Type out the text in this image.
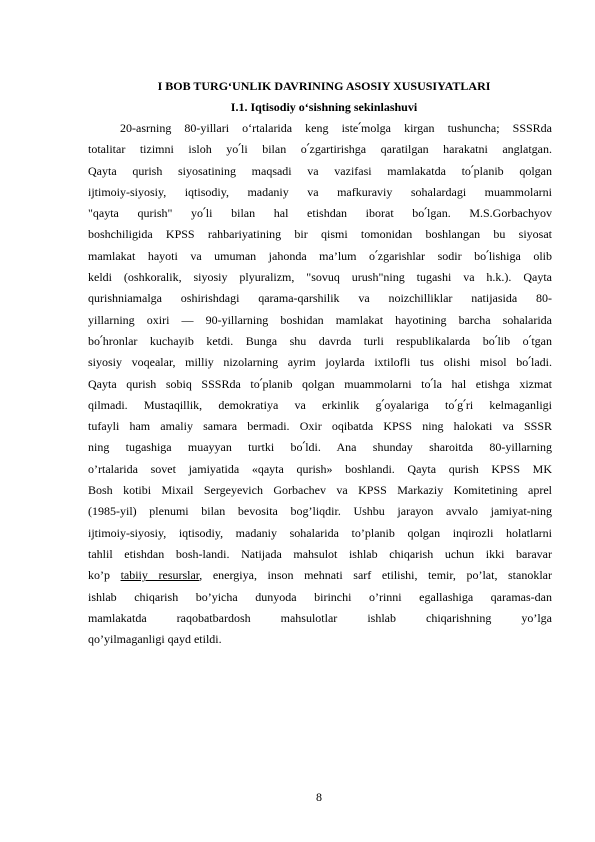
I BOB TURG‘UNLIK DAVRINING ASOSIY XUSUSIYATLARI
I.1. Iqtisodiy o‘sishning sekinlashuvi

20-asrning 80-yillari o‘rtalarida keng iste՛molga kirgan tushuncha; SSSRda
totalitar tizimni isloh yo՛li bilan o՛zgartirishga qaratilgan harakatni anglatgan.
Qayta qurish siyosatining maqsadi va vazifasi mamlakatda to՛planib qolgan
ijtimoiy-siyosiy, iqtisodiy, madaniy va mafkuraviy sohalardagi muammolarni
"qayta qurish" yo՛li bilan hal etishdan iborat bo՛lgan. M.S.Gorbachyov
boshchiligida KPSS rahbariyatining bir qismi tomonidan boshlangan bu siyosat
mamlakat hayoti va umuman jahonda ma’lum o՛zgarishlar sodir bo՛lishiga olib
keldi (oshkoralik, siyosiy plyuralizm, "sovuq urush"ning tugashi va h.k.). Qayta
qurishniamalga oshirishdagi qarama-qarshilik va noizchilliklar natijasida 80-
yillarning oxiri — 90-yillarning boshidan mamlakat hayotining barcha sohalarida
bo՛hronlar kuchayib ketdi. Bunga shu davrda turli respublikalarda bo՛lib o՛tgan
siyosiy voqealar, milliy nizolarning ayrim joylarda ixtilofli tus olishi misol bo՛ladi.
Qayta qurish sobiq SSSRda to՛planib qolgan muammolarni to՛la hal etishga xizmat
qilmadi. Mustaqillik, demokratiya va erkinlik g՛oyalariga to՛g՛ri kelmaganligi
tufayli ham amaliy samara bermadi. Oxir oqibatda KPSS ning halokati va SSSR
ning tugashiga muayyan turtki bo՛ldi. Ana shunday sharoitda 80-yillarning
o’rtalarida sovet jamiyatida «qayta qurish» boshlandi. Qayta qurish KPSS MK
Bosh kotibi Mixail Sergeyevich Gorbachev va KPSS Markaziy Komitetining aprel
(1985-yil) plenumi bilan bevosita bog’liqdir. Ushbu jarayon avvalo jamiyat-ning
ijtimoiy-siyosiy, iqtisodiy, madaniy sohalarida to’planib qolgan inqirozli holatlarni
tahlil etishdan bosh-landi. Natijada mahsulot ishlab chiqarish uchun ikki baravar
ko’p tabiiy resurslar, energiya, inson mehnati sarf etilishi, temir, po’lat, stanoklar
ishlab chiqarish bo’yicha dunyoda birinchi o’rinni egallashiga qaramas-dan
mamlakatda raqobatbardosh mahsulotlar ishlab chiqarishning yo’lga
qo’yilmaganligi qayd etildi.

8
